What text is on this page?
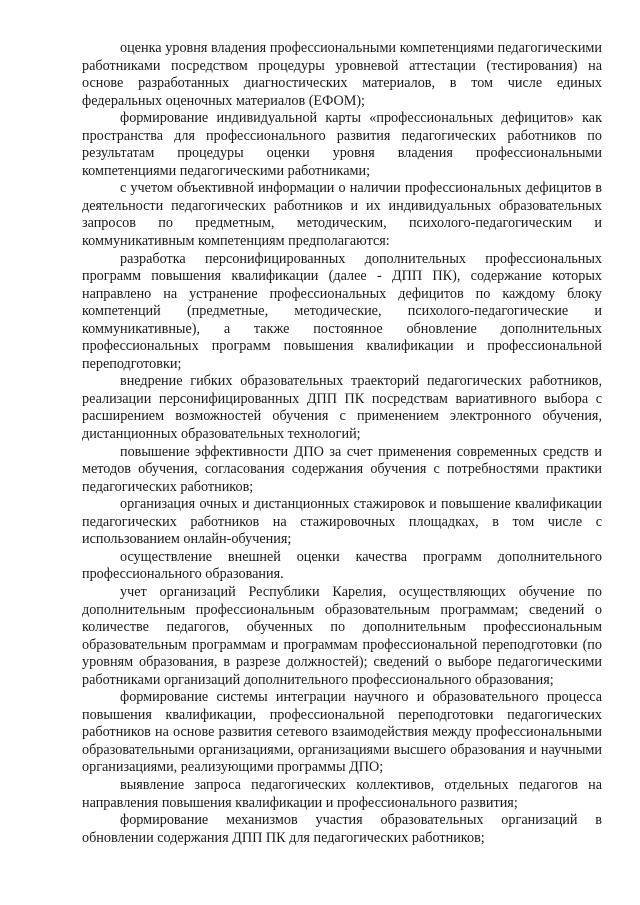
оценка уровня владения профессиональными компетенциями педагогическими работниками посредством процедуры уровневой аттестации (тестирования) на основе разработанных диагностических материалов, в том числе единых федеральных оценочных материалов (ЕФОМ);

формирование индивидуальной карты «профессиональных дефицитов» как пространства для профессионального развития педагогических работников по результатам процедуры оценки уровня владения профессиональными компетенциями педагогическими работниками;

с учетом объективной информации о наличии профессиональных дефицитов в деятельности педагогических работников и их индивидуальных образовательных запросов по предметным, методическим, психолого-педагогическим и коммуникативным компетенциям предполагаются:

разработка персонифицированных дополнительных профессиональных программ повышения квалификации (далее - ДПП ПК), содержание которых направлено на устранение профессиональных дефицитов по каждому блоку компетенций (предметные, методические, психолого-педагогические и коммуникативные), а также постоянное обновление дополнительных профессиональных программ повышения квалификации и профессиональной переподготовки;

внедрение гибких образовательных траекторий педагогических работников, реализации персонифицированных ДПП ПК посредствам вариативного выбора с расширением возможностей обучения с применением электронного обучения, дистанционных образовательных технологий;

повышение эффективности ДПО за счет применения современных средств и методов обучения, согласования содержания обучения с потребностями практики педагогических работников;

организация очных и дистанционных стажировок и повышение квалификации педагогических работников на стажировочных площадках, в том числе с использованием онлайн-обучения;

осуществление внешней оценки качества программ дополнительного профессионального образования.

учет организаций Республики Карелия, осуществляющих обучение по дополнительным профессиональным образовательным программам; сведений о количестве педагогов, обученных по дополнительным профессиональным образовательным программам и программам профессиональной переподготовки (по уровням образования, в разрезе должностей); сведений о выборе педагогическими работниками организаций дополнительного профессионального образования;

формирование системы интеграции научного и образовательного процесса повышения квалификации, профессиональной переподготовки педагогических работников на основе развития сетевого взаимодействия между профессиональными образовательными организациями, организациями высшего образования и научными организациями, реализующими программы ДПО;

выявление запроса педагогических коллективов, отдельных педагогов на направления повышения квалификации и профессионального развития;

формирование механизмов участия образовательных организаций в обновлении содержания ДПП ПК для педагогических работников;
